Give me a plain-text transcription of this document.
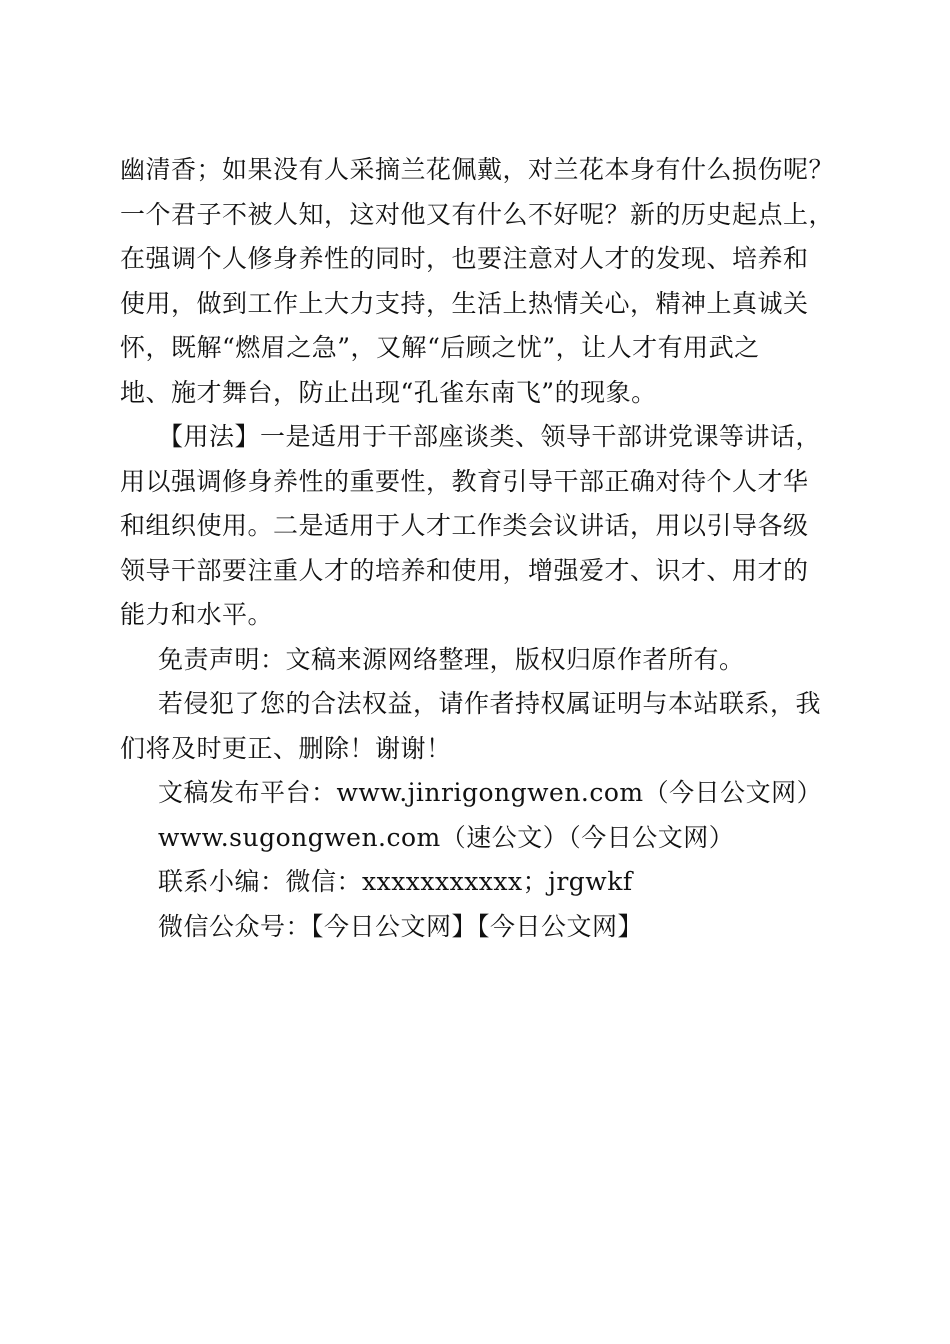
幽清香；如果没有人采摘兰花佩戴，对兰花本身有什么损伤呢？
一个君子不被人知，这对他又有什么不好呢？新的历史起点上，
在强调个人修身养性的同时，也要注意对人才的发现、培养和
使用，做到工作上大力支持，生活上热情关心，精神上真诚关
怀，既解“燃眉之急”，又解“后顾之忧”，让人才有用武之
地、施才舞台，防止出现“孔雀东南飞”的现象。
【用法】一是适用于干部座谈类、领导干部讲党课等讲话，
用以强调修身养性的重要性，教育引导干部正确对待个人才华
和组织使用。二是适用于人才工作类会议讲话，用以引导各级
领导干部要注重人才的培养和使用，增强爱才、识才、用才的
能力和水平。
免责声明：文稿来源网络整理，版权归原作者所有。
若侵犯了您的合法权益，请作者持权属证明与本站联系，我
们将及时更正、删除！谢谢！
文稿发布平台：www.jinrigongwen.com（今日公文网）
www.sugongwen.com（速公文）（今日公文网）
联系小编：微信：xxxxxxxxxxx；jrgwkf
微信公众号：【今日公文网】【今日公文网】
